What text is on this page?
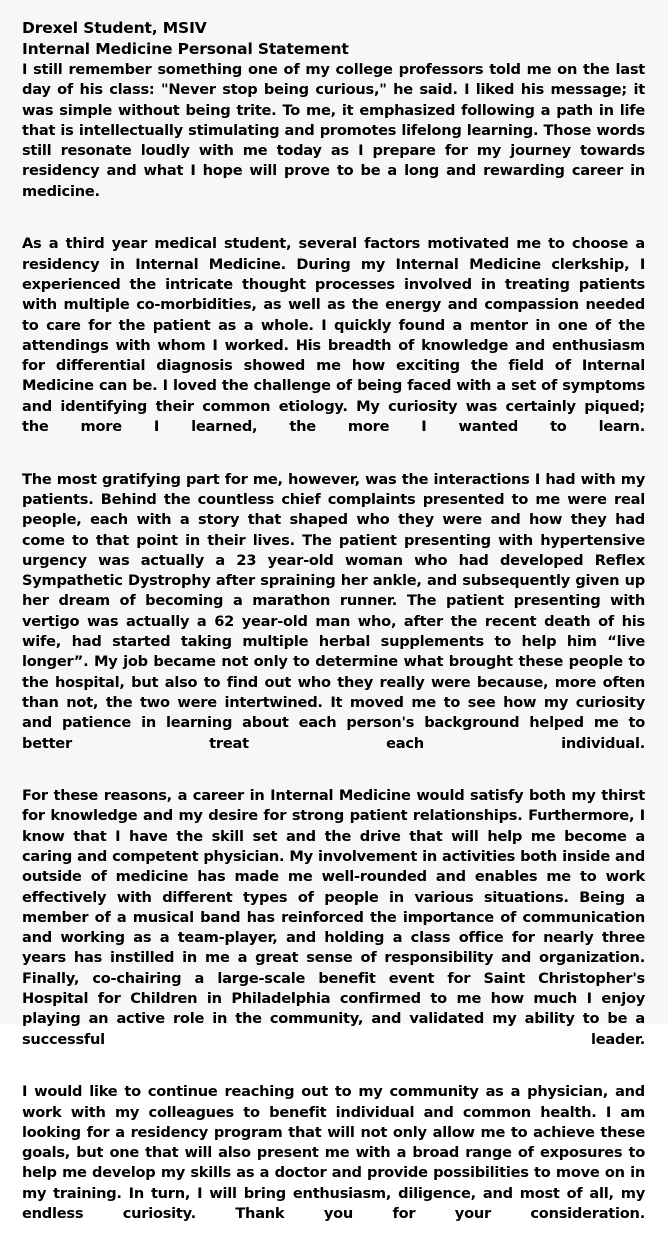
Drexel Student, MSIV
Internal Medicine Personal Statement

I still remember something one of my college professors told me on the last day of his class: "Never stop being curious," he said. I liked his message; it was simple without being trite. To me, it emphasized following a path in life that is intellectually stimulating and promotes lifelong learning. Those words still resonate loudly with me today as I prepare for my journey towards residency and what I hope will prove to be a long and rewarding career in medicine.

As a third year medical student, several factors motivated me to choose a residency in Internal Medicine. During my Internal Medicine clerkship, I experienced the intricate thought processes involved in treating patients with multiple co-morbidities, as well as the energy and compassion needed to care for the patient as a whole. I quickly found a mentor in one of the attendings with whom I worked. His breadth of knowledge and enthusiasm for differential diagnosis showed me how exciting the field of Internal Medicine can be. I loved the challenge of being faced with a set of symptoms and identifying their common etiology. My curiosity was certainly piqued; the more I learned, the more I wanted to learn.

The most gratifying part for me, however, was the interactions I had with my patients. Behind the countless chief complaints presented to me were real people, each with a story that shaped who they were and how they had come to that point in their lives. The patient presenting with hypertensive urgency was actually a 23 year-old woman who had developed Reflex Sympathetic Dystrophy after spraining her ankle, and subsequently given up her dream of becoming a marathon runner. The patient presenting with vertigo was actually a 62 year-old man who, after the recent death of his wife, had started taking multiple herbal supplements to help him “live longer”. My job became not only to determine what brought these people to the hospital, but also to find out who they really were because, more often than not, the two were intertwined. It moved me to see how my curiosity and patience in learning about each person's background helped me to better treat each individual.

For these reasons, a career in Internal Medicine would satisfy both my thirst for knowledge and my desire for strong patient relationships. Furthermore, I know that I have the skill set and the drive that will help me become a caring and competent physician. My involvement in activities both inside and outside of medicine has made me well-rounded and enables me to work effectively with different types of people in various situations. Being a member of a musical band has reinforced the importance of communication and working as a team-player, and holding a class office for nearly three years has instilled in me a great sense of responsibility and organization. Finally, co-chairing a large-scale benefit event for Saint Christopher's Hospital for Children in Philadelphia confirmed to me how much I enjoy playing an active role in the community, and validated my ability to be a successful leader.

I would like to continue reaching out to my community as a physician, and work with my colleagues to benefit individual and common health. I am looking for a residency program that will not only allow me to achieve these goals, but one that will also present me with a broad range of exposures to help me develop my skills as a doctor and provide possibilities to move on in my training. In turn, I will bring enthusiasm, diligence, and most of all, my endless curiosity. Thank you for your consideration.
